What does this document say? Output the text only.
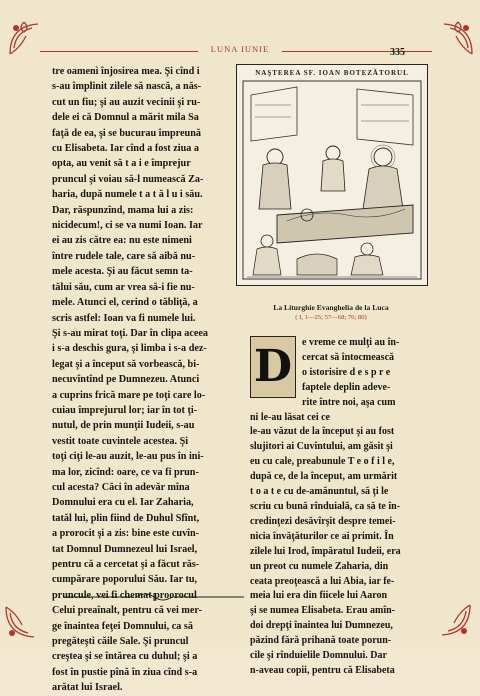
LUNA IUNIE	335

tre oamenì înjosirea mea. Şi cînd i

s-au împlinit zilele să nască, a năs-

cut un fiu; şi au auzit vecinii şi ru-

dele ei că Domnul a mărit mila Sa

faţă de ea, şi se bucurau împreună

cu Elisabeta. Iar cînd a fost ziua a

opta, au venit să t a i e împrejur

pruncul şi voiau să-l numească Za-

haria, după numele t a t ă l u i său.

Dar, răspunzînd, mama lui a zis:

nicidecum!, ci se va numi Ioan. Iar

ei au zis către ea: nu este nimeni

între rudele tale, care să aibă nu-

mele acesta. Şi au făcut semn ta-

tălui său, cum ar vrea să-i fie nu-

mele. Atunci el, cerind o tăbliţă, a

scris astfel: Ioan va fi numele lui.

Şi s-au mirat toţi. Dar în clipa aceea

i s-a deschis gura, şi limba i s-a dez-

legat şi a început să vorbească, bi-

necuvîntînd pe Dumnezeu. Atunci

a cuprins frică mare pe toţi care lo-

cuiau împrejurul lor; iar în tot ţi-

nutul, de prin munţii Iudeii, s-au

vestit toate cuvintele acestea. Şi

toţi ciţi le-au auzit, le-au pus în ini-

ma lor, zicînd: oare, ce va fi prun-

cul acesta? Căci în adevăr mîna

Domnului era cu el. Iar Zaharia,

tatăl lui, plin fiind de Duhul Sfînt,

a prorocit şi a zis: bine este cuvîn-

tat Domnul Dumnezeul lui Israel,

pentru că a cercetat şi a făcut răs-

cumpărare poporului Său. Iar tu,

pruncule, vei fi chemat proorocul

Celui preaînalt, pentru că vei mer-

ge înaintea feţei Domnului, ca să

pregăteşti căile Sale. Şi pruncul

creştea şi se întărea cu duhul; şi a

fost în pustie pînă în ziua cînd s-a

arătat lui Israel.

NAŞTEREA SF. IOAN BOTEZĂTORUL
La Liturghie Evanghelia de la Luca
( I, 1—25; 57—68; 76; 80)
D e vreme ce mulţi au în-

cercat să întocmească

o istorisire d e s p r e

faptele deplin adeve-

rite între noi, aşa cum

ni le-au lăsat cei ce

le-au văzut de la început şi au fost

slujitori ai Cuvîntului, am găsit şi

eu cu cale, preabunule T e o f i l e,

după ce, de la început, am urmărit

t o a t e cu de-amănuntul, să ţi le

scriu cu bună rînduială, ca să te în-

credinţezi desăvîrşit despre temei-

nicia învăţăturilor ce ai primit. În

zilele lui Irod, împăratul Iudeii, era

un preot cu numele Zaharia, din

ceata preoţească a lui Abia, iar fe-

meia lui era din fiicele lui Aaron

şi se numea Elisabeta. Erau amîn-

doi drepţi înaintea lui Dumnezeu,

păzind fără prihană toate porun-

cile şi rînduielile Domnului. Dar

n-aveau copii, pentru că Elisabeta
